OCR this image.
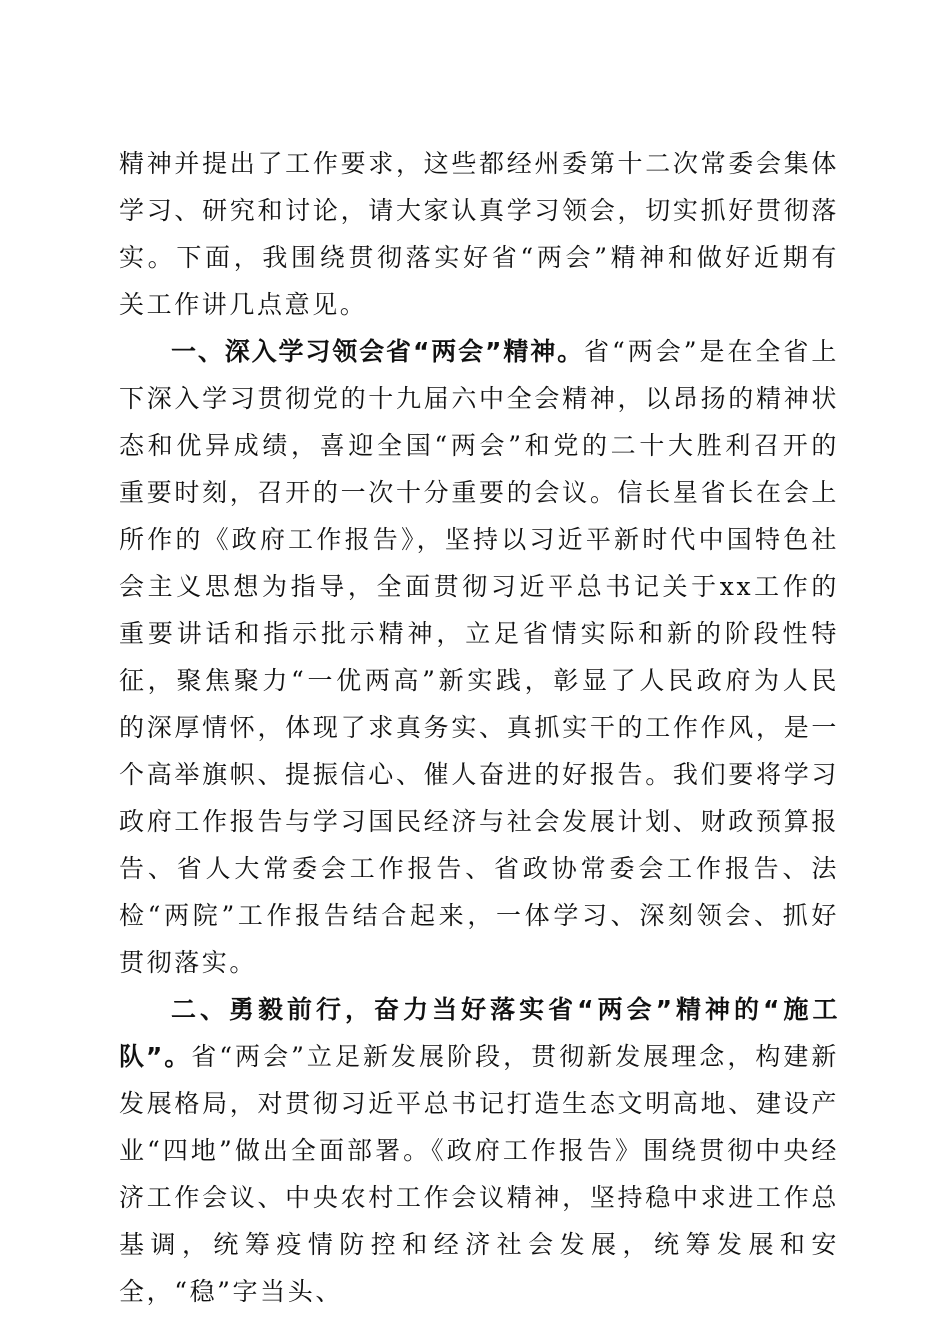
精神并提出了工作要求，这些都经州委第十二次常委会集体学习、研究和讨论，请大家认真学习领会，切实抓好贯彻落实。下面，我围绕贯彻落实好省“两会”精神和做好近期有关工作讲几点意见。

一、深入学习领会省“两会”精神。省“两会”是在全省上下深入学习贯彻党的十九届六中全会精神，以昂扬的精神状态和优异成绩，喜迎全国“两会”和党的二十大胜利召开的重要时刻，召开的一次十分重要的会议。信长星省长在会上所作的《政府工作报告》，坚持以习近平新时代中国特色社会主义思想为指导，全面贯彻习近平总书记关于xx工作的重要讲话和指示批示精神，立足省情实际和新的阶段性特征，聚焦聚力“一优两高”新实践，彰显了人民政府为人民的深厚情怀，体现了求真务实、真抓实干的工作作风，是一个高举旗帜、提振信心、催人奋进的好报告。我们要将学习政府工作报告与学习国民经济与社会发展计划、财政预算报告、省人大常委会工作报告、省政协常委会工作报告、法检“两院”工作报告结合起来，一体学习、深刻领会、抓好贯彻落实。

二、勇毅前行，奋力当好落实省“两会”精神的“施工队”。省“两会”立足新发展阶段，贯彻新发展理念，构建新发展格局，对贯彻习近平总书记打造生态文明高地、建设产业“四地”做出全面部署。《政府工作报告》围绕贯彻中央经济工作会议、中央农村工作会议精神，坚持稳中求进工作总基调，统筹疫情防控和经济社会发展，统筹发展和安全，“稳”字当头、
